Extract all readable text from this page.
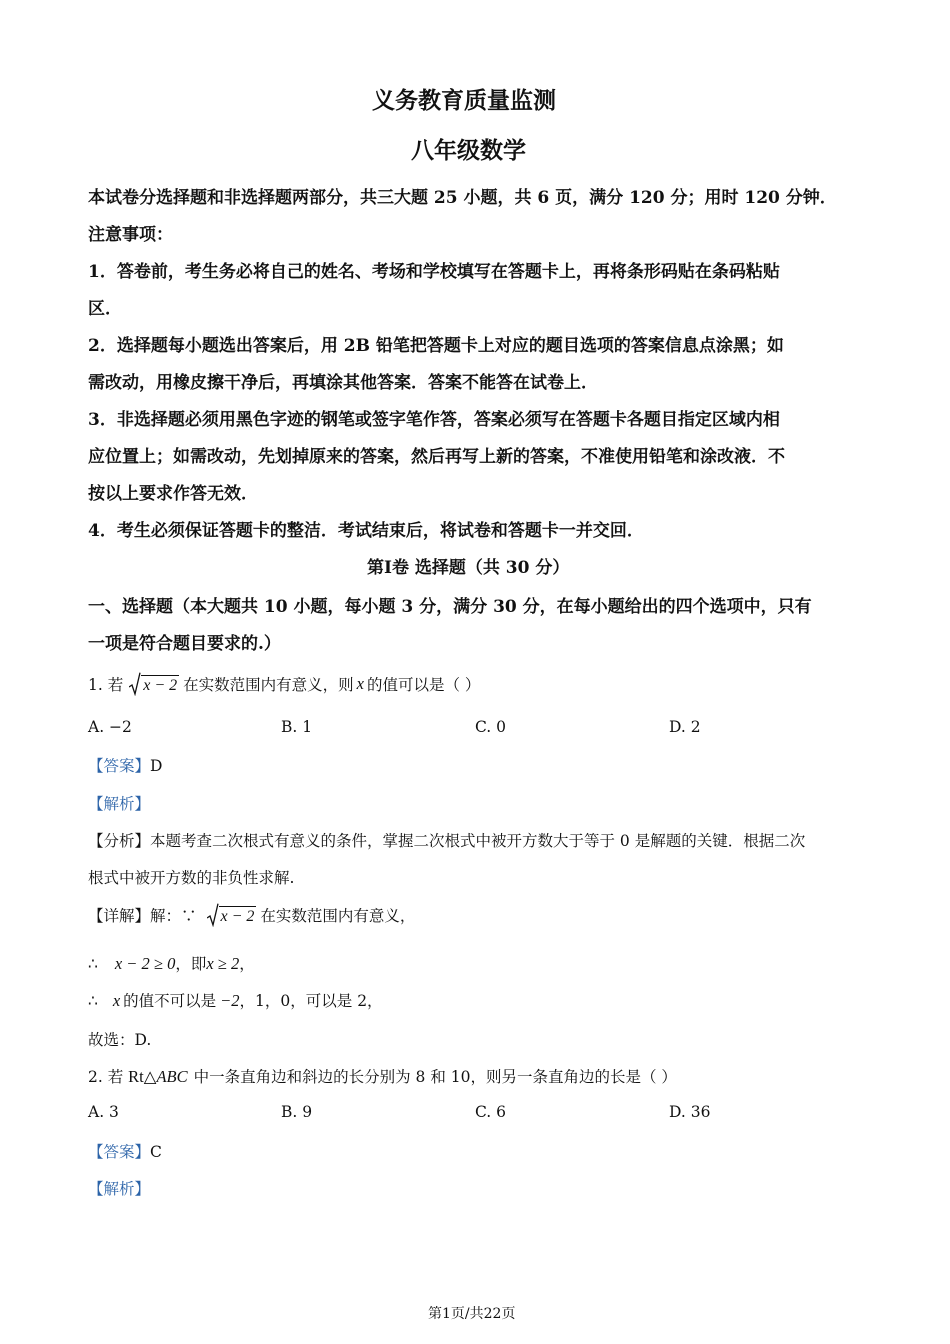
义务教育质量监测
八年级数学
本试卷分选择题和非选择题两部分，共三大题 25 小题，共 6 页，满分 120 分；用时 120 分钟．
注意事项：
1．答卷前，考生务必将自己的姓名、考场和学校填写在答题卡上，再将条形码贴在条码粘贴
区．
2．选择题每小题选出答案后，用 2B 铅笔把答题卡上对应的题目选项的答案信息点涂黑；如
需改动，用橡皮擦干净后，再填涂其他答案．答案不能答在试卷上．
3．非选择题必须用黑色字迹的钢笔或签字笔作答，答案必须写在答题卡各题目指定区域内相
应位置上；如需改动，先划掉原来的答案，然后再写上新的答案，不准使用铅笔和涂改液．不
按以上要求作答无效．
4．考生必须保证答题卡的整洁．考试结束后，将试卷和答题卡一并交回．
第Ⅰ卷 选择题（共 30 分）
一、选择题（本大题共 10 小题，每小题 3 分，满分 30 分，在每小题给出的四个选项中，只有
一项是符合题目要求的.）
1. 若 x − 2 在实数范围内有意义，则 x 的值可以是（ ）
A. −2	B. 1	C. 0	D. 2
【答案】D
【解析】
【分析】本题考查二次根式有意义的条件，掌握二次根式中被开方数大于等于 0 是解题的关键．根据二次
根式中被开方数的非负性求解.
【详解】解：∵ x − 2 在实数范围内有意义，
∴ x − 2 ≥ 0，即x ≥ 2，
∴ x 的值不可以是 −2，1，0，可以是 2，
故选：D.
2. 若 Rt△ABC 中一条直角边和斜边的长分别为 8 和 10，则另一条直角边的长是（ ）
A. 3	B. 9	C. 6	D. 36
【答案】C
【解析】
第1页/共22页
